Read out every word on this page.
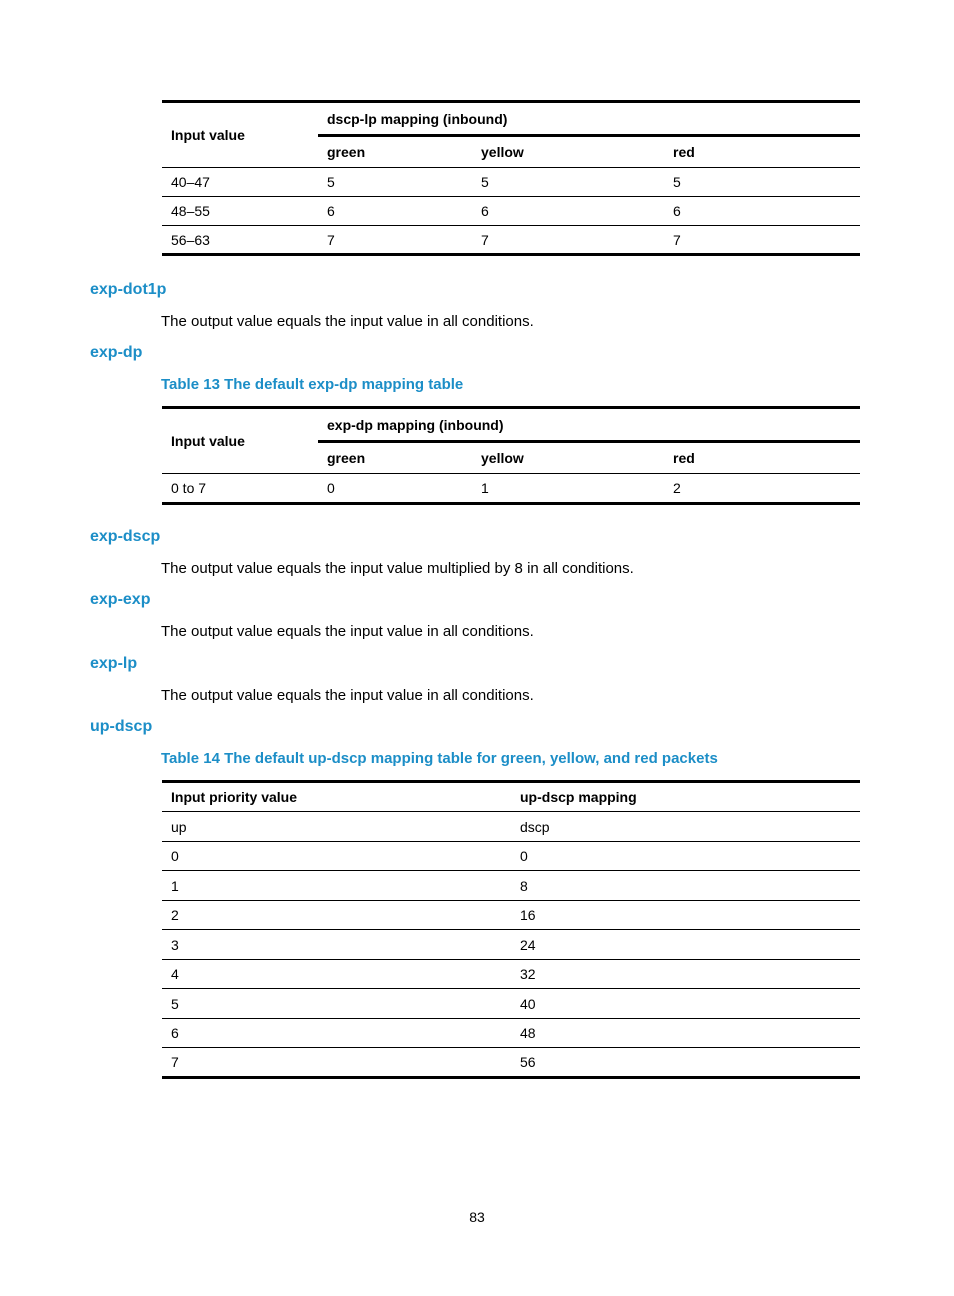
Input value	dscp-lp mapping (inbound)		
	green	yellow	red
40–47	5	5	5
48–55	6	6	6
56–63	7	7	7
exp-dot1p
The output value equals the input value in all conditions.
exp-dp
Table 13 The default exp-dp mapping table
Input value	exp-dp mapping (inbound)		
	green	yellow	red
0 to 7	0	1	2
exp-dscp
The output value equals the input value multiplied by 8 in all conditions.
exp-exp
The output value equals the input value in all conditions.
exp-lp
The output value equals the input value in all conditions.
up-dscp
Table 14 The default up-dscp mapping table for green, yellow, and red packets
Input priority value	up-dscp mapping
up	dscp
0	0
1	8
2	16
3	24
4	32
5	40
6	48
7	56
83
